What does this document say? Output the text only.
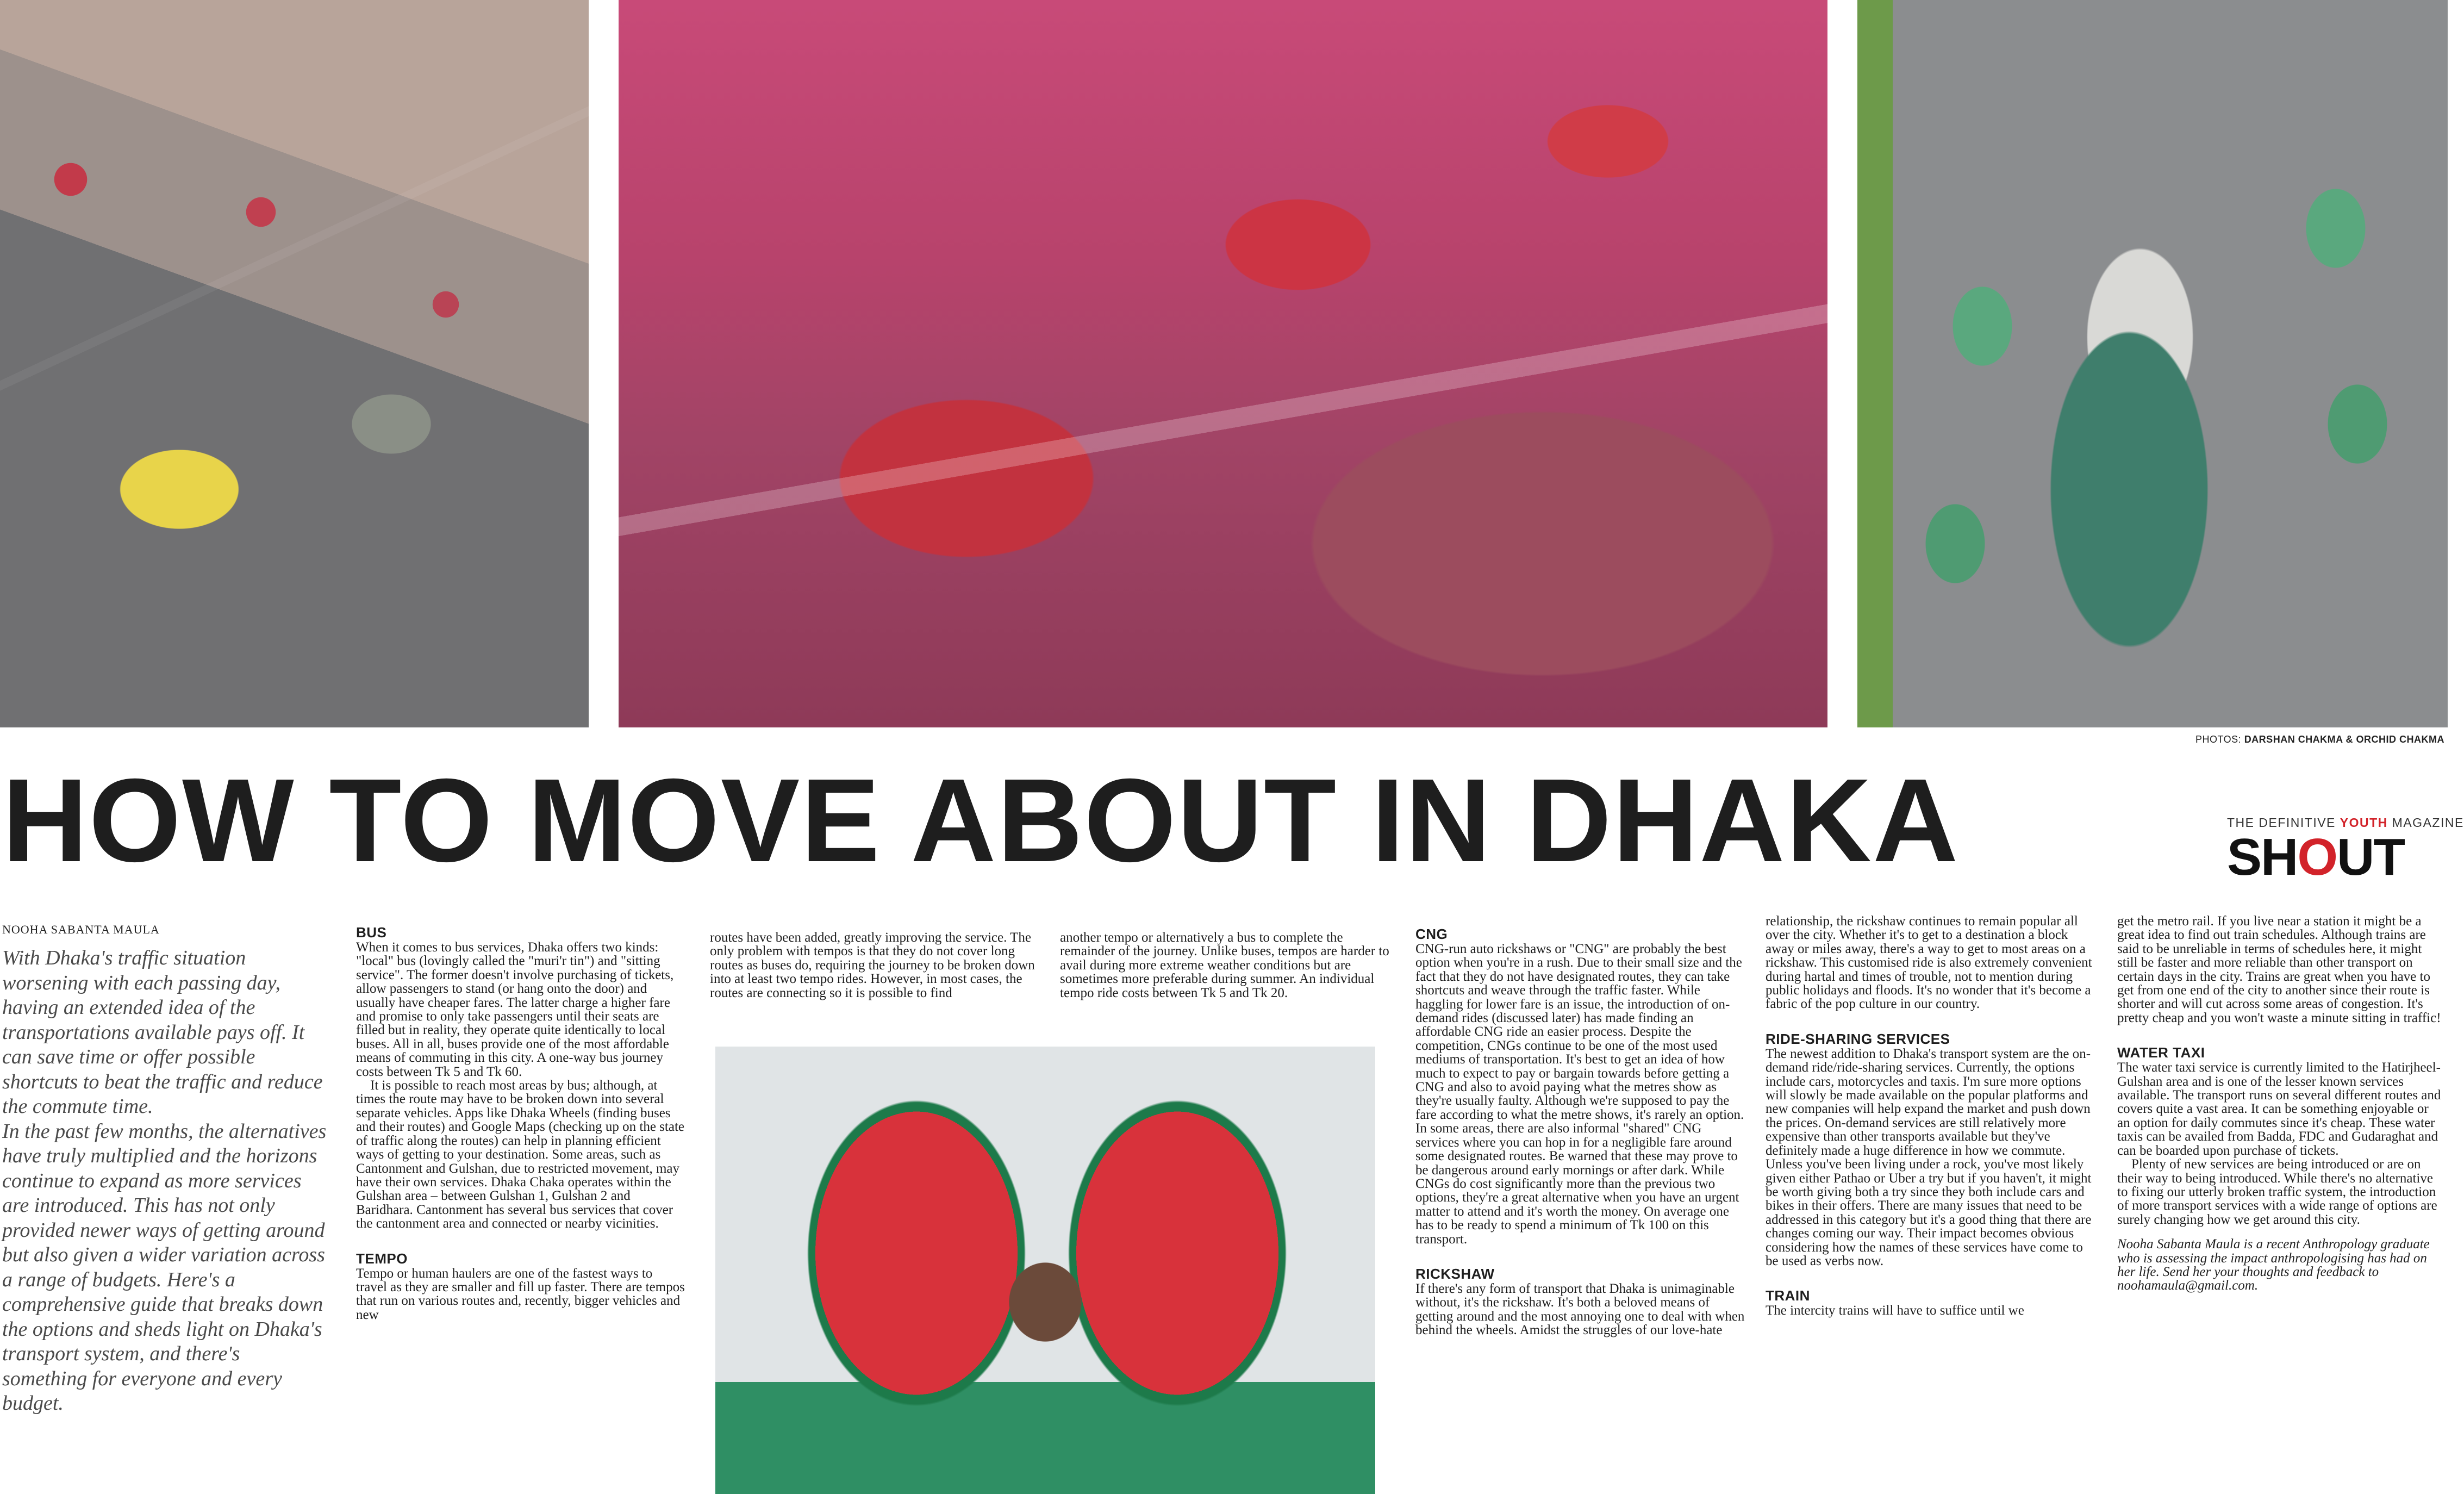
PHOTOS: DARSHAN CHAKMA & ORCHID CHAKMA
HOW TO MOVE ABOUT IN DHAKA	THE DEFINITIVE YOUTH MAGAZINE
SHOUT
NOOHA SABANTA MAULA

With Dhaka's traffic situation worsening with each passing day, having an extended idea of the transportations available pays off. It can save time or offer possible shortcuts to beat the traffic and reduce the commute time.

In the past few months, the alternatives have truly multiplied and the horizons continue to expand as more services are introduced. This has not only provided newer ways of getting around but also given a wider variation across a range of budgets. Here's a comprehensive guide that breaks down the options and sheds light on Dhaka's transport system, and there's something for everyone and every budget.

BUS

When it comes to bus services, Dhaka offers two kinds: "local" bus (lovingly called the "muri'r tin") and "sitting service". The former doesn't involve purchasing of tickets, allow passengers to stand (or hang onto the door) and usually have cheaper fares. The latter charge a higher fare and promise to only take passengers until their seats are filled but in reality, they operate quite identically to local buses. All in all, buses provide one of the most affordable means of commuting in this city. A one-way bus journey costs between Tk 5 and Tk 60.

It is possible to reach most areas by bus; although, at times the route may have to be broken down into several separate vehicles. Apps like Dhaka Wheels (finding buses and their routes) and Google Maps (checking up on the state of traffic along the routes) can help in planning efficient ways of getting to your destination. Some areas, such as Cantonment and Gulshan, due to restricted movement, may have their own services. Dhaka Chaka operates within the Gulshan area – between Gulshan 1, Gulshan 2 and Baridhara. Cantonment has several bus services that cover the cantonment area and connected or nearby vicinities.

TEMPO

Tempo or human haulers are one of the fastest ways to travel as they are smaller and fill up faster. There are tempos that run on various routes and, recently, bigger vehicles and new

routes have been added, greatly improving the service. The only problem with tempos is that they do not cover long routes as buses do, requiring the journey to be broken down into at least two tempo rides. However, in most cases, the routes are connecting so it is possible to find

another tempo or alternatively a bus to complete the remainder of the journey. Unlike buses, tempos are harder to avail during more extreme weather conditions but are sometimes more preferable during summer. An individual tempo ride costs between Tk 5 and Tk 20.

CNG

CNG-run auto rickshaws or "CNG" are probably the best option when you're in a rush. Due to their small size and the fact that they do not have designated routes, they can take shortcuts and weave through the traffic faster. While haggling for lower fare is an issue, the introduction of on-demand rides (discussed later) has made finding an affordable CNG ride an easier process. Despite the competition, CNGs continue to be one of the most used mediums of transportation. It's best to get an idea of how much to expect to pay or bargain towards before getting a CNG and also to avoid paying what the metres show as they're usually faulty. Although we're supposed to pay the fare according to what the metre shows, it's rarely an option. In some areas, there are also informal "shared" CNG services where you can hop in for a negligible fare around some designated routes. Be warned that these may prove to be dangerous around early mornings or after dark. While CNGs do cost significantly more than the previous two options, they're a great alternative when you have an urgent matter to attend and it's worth the money. On average one has to be ready to spend a minimum of Tk 100 on this transport.

RICKSHAW

If there's any form of transport that Dhaka is unimaginable without, it's the rickshaw. It's both a beloved means of getting around and the most annoying one to deal with when behind the wheels. Amidst the struggles of our love-hate

relationship, the rickshaw continues to remain popular all over the city. Whether it's to get to a destination a block away or miles away, there's a way to get to most areas on a rickshaw. This customised ride is also extremely convenient during hartal and times of trouble, not to mention during public holidays and floods. It's no wonder that it's become a fabric of the pop culture in our country.

RIDE-SHARING SERVICES

The newest addition to Dhaka's transport system are the on-demand ride/ride-sharing services. Currently, the options include cars, motorcycles and taxis. I'm sure more options will slowly be made available on the popular platforms and new companies will help expand the market and push down the prices. On-demand services are still relatively more expensive than other transports available but they've definitely made a huge difference in how we commute. Unless you've been living under a rock, you've most likely given either Pathao or Uber a try but if you haven't, it might be worth giving both a try since they both include cars and bikes in their offers. There are many issues that need to be addressed in this category but it's a good thing that there are changes coming our way. Their impact becomes obvious considering how the names of these services have come to be used as verbs now.

TRAIN

The intercity trains will have to suffice until we

get the metro rail. If you live near a station it might be a great idea to find out train schedules. Although trains are said to be unreliable in terms of schedules here, it might still be faster and more reliable than other transport on certain days in the city. Trains are great when you have to get from one end of the city to another since their route is shorter and will cut across some areas of congestion. It's pretty cheap and you won't waste a minute sitting in traffic!

WATER TAXI

The water taxi service is currently limited to the Hatirjheel- Gulshan area and is one of the lesser known services available. The transport runs on several different routes and covers quite a vast area. It can be something enjoyable or an option for daily commutes since it's cheap. These water taxis can be availed from Badda, FDC and Gudaraghat and can be boarded upon purchase of tickets.

Plenty of new services are being introduced or are on their way to being introduced. While there's no alternative to fixing our utterly broken traffic system, the introduction of more transport services with a wide range of options are surely changing how we get around this city.

Nooha Sabanta Maula is a recent Anthropology graduate who is assessing the impact anthropologising has had on her life. Send her your thoughts and feedback to noohamaula@gmail.com.
